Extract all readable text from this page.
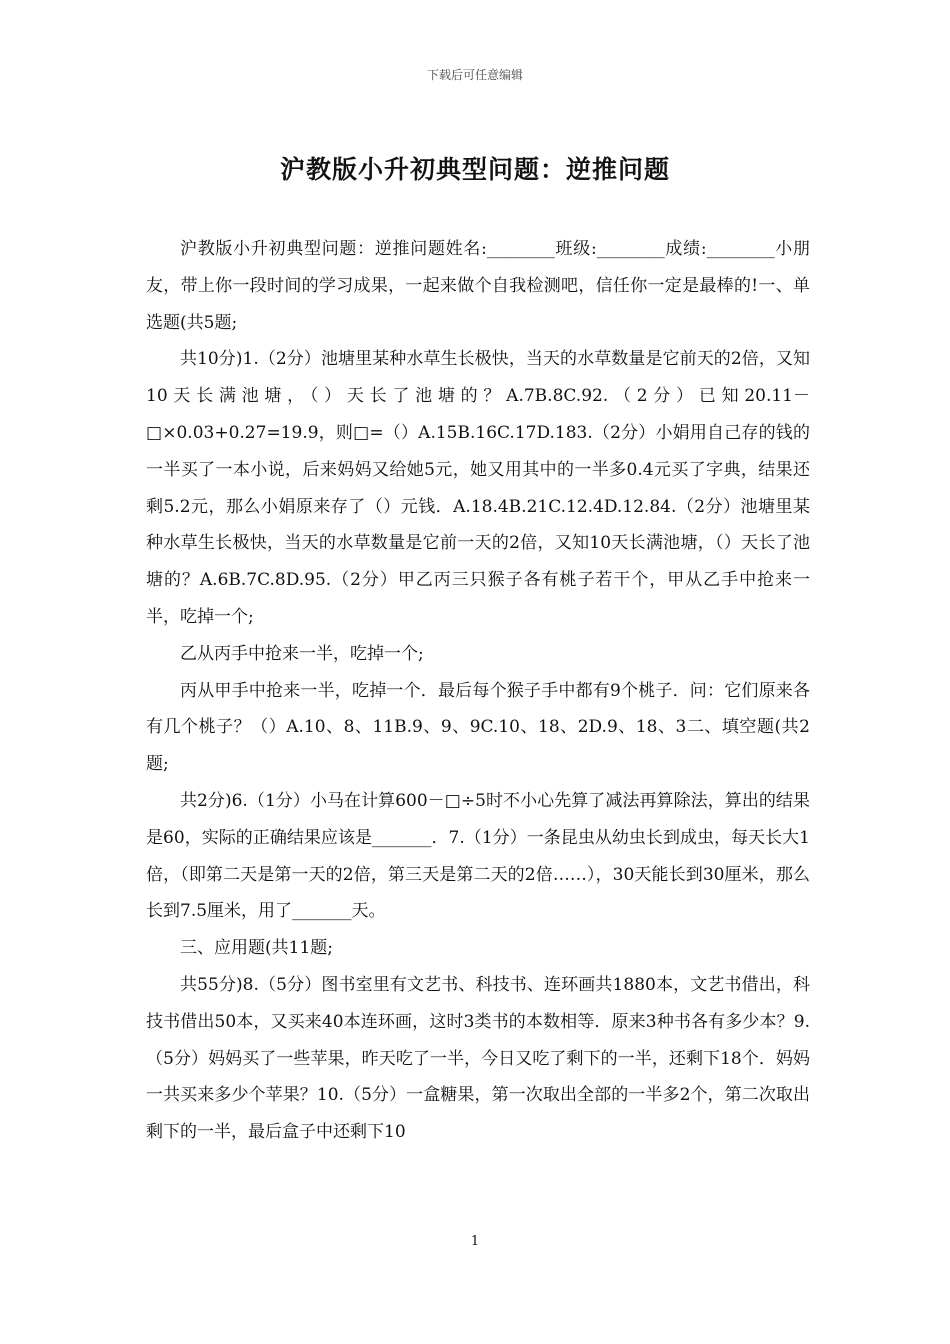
下载后可任意编辑
沪教版小升初典型问题：逆推问题

沪教版小升初典型问题：逆推问题姓名:________班级:________成绩:________小朋友，带上你一段时间的学习成果，一起来做个自我检测吧，信任你一定是最棒的!一、单选题(共5题;

共10分)1.（2分）池塘里某种水草生长极快，当天的水草数量是它前天的2倍，又知10天长满池塘，（）天长了池塘的？A.7B.8C.92.（2分）已知20.11－□×0.03+0.27=19.9，则□=（）A.15B.16C.17D.183.（2分）小娟用自己存的钱的一半买了一本小说，后来妈妈又给她5元，她又用其中的一半多0.4元买了字典，结果还剩5.2元，那么小娟原来存了（）元钱．A.18.4B.21C.12.4D.12.84.（2分）池塘里某种水草生长极快，当天的水草数量是它前一天的2倍，又知10天长满池塘，（）天长了池塘的？A.6B.7C.8D.95.（2分）甲乙丙三只猴子各有桃子若干个，甲从乙手中抢来一半，吃掉一个;

乙从丙手中抢来一半，吃掉一个;

丙从甲手中抢来一半，吃掉一个．最后每个猴子手中都有9个桃子．问：它们原来各有几个桃子？（）A.10、8、11B.9、9、9C.10、18、2D.9、18、3二、填空题(共2题;

共2分)6.（1分）小马在计算600－□÷5时不小心先算了减法再算除法，算出的结果是60，实际的正确结果应该是_______．7.（1分）一条昆虫从幼虫长到成虫，每天长大1倍，（即第二天是第一天的2倍，第三天是第二天的2倍……），30天能长到30厘米，那么长到7.5厘米，用了_______天。

三、应用题(共11题;

共55分)8.（5分）图书室里有文艺书、科技书、连环画共1880本，文艺书借出，科技书借出50本，又买来40本连环画，这时3类书的本数相等．原来3种书各有多少本？9.（5分）妈妈买了一些苹果，昨天吃了一半，今日又吃了剩下的一半，还剩下18个．妈妈一共买来多少个苹果？10.（5分）一盒糖果，第一次取出全部的一半多2个，第二次取出剩下的一半，最后盒子中还剩下10

1
